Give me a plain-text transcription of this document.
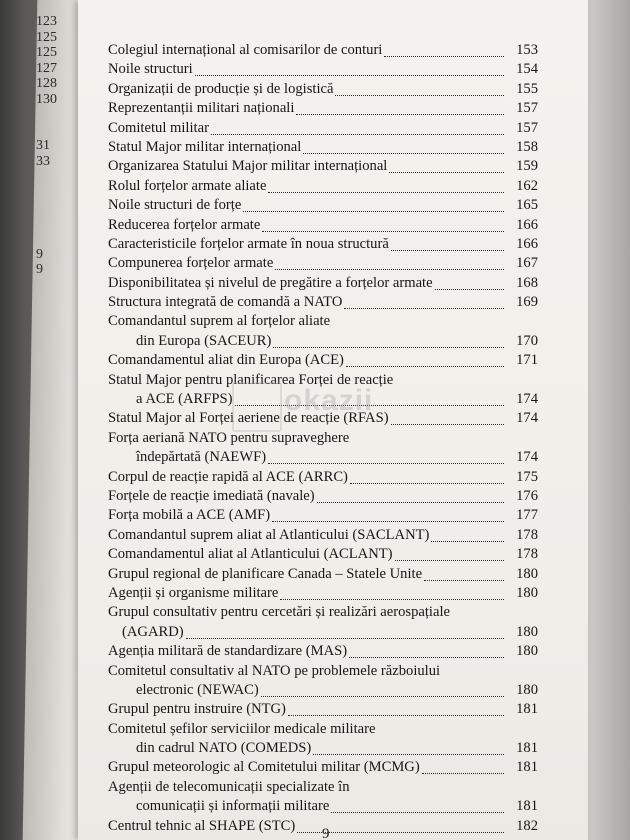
123
125
125
127
128
130
31
33
9
9
Colegiul internațional al comisarilor de conturi	153
Noile structuri	154
Organizații de producție și de logistică	155
Reprezentanții militari naționali	157
Comitetul militar	157
Statul Major militar internațional	158
Organizarea Statului Major militar internațional	159
Rolul forțelor armate aliate	162
Noile structuri de forțe	165
Reducerea forțelor armate	166
Caracteristicile forțelor armate în noua structură	166
Compunerea forțelor armate	167
Disponibilitatea și nivelul de pregătire a forțelor armate	168
Structura integrată de comandă a NATO	169
Comandantul suprem al forțelor aliate
din Europa (SACEUR)	170
Comandamentul aliat din Europa (ACE)	171
Statul Major pentru planificarea Forței de reacție
a ACE (ARFPS)	174
Statul Major al Forței aeriene de reacție (RFAS)	174
Forța aeriană NATO pentru supraveghere
îndepărtată (NAEWF)	174
Corpul de reacție rapidă al ACE (ARRC)	175
Forțele de reacție imediată (navale)	176
Forța mobilă a ACE (AMF)	177
Comandantul suprem aliat al Atlanticului (SACLANT)	178
Comandamentul aliat al Atlanticului (ACLANT)	178
Grupul regional de planificare Canada – Statele Unite	180
Agenții și organisme militare	180
Grupul consultativ pentru cercetări și realizări aerospațiale
(AGARD)	180
Agenția militară de standardizare (MAS)	180
Comitetul consultativ al NATO pe problemele războiului
electronic (NEWAC)	180
Grupul pentru instruire (NTG)	181
Comitetul șefilor serviciilor medicale militare
din cadrul NATO (COMEDS)	181
Grupul meteorologic al Comitetului militar (MCMG)	181
Agenții de telecomunicații specializate în
comunicații și informații militare	181
Centrul tehnic al SHAPE (STC)	182
okazii
9
